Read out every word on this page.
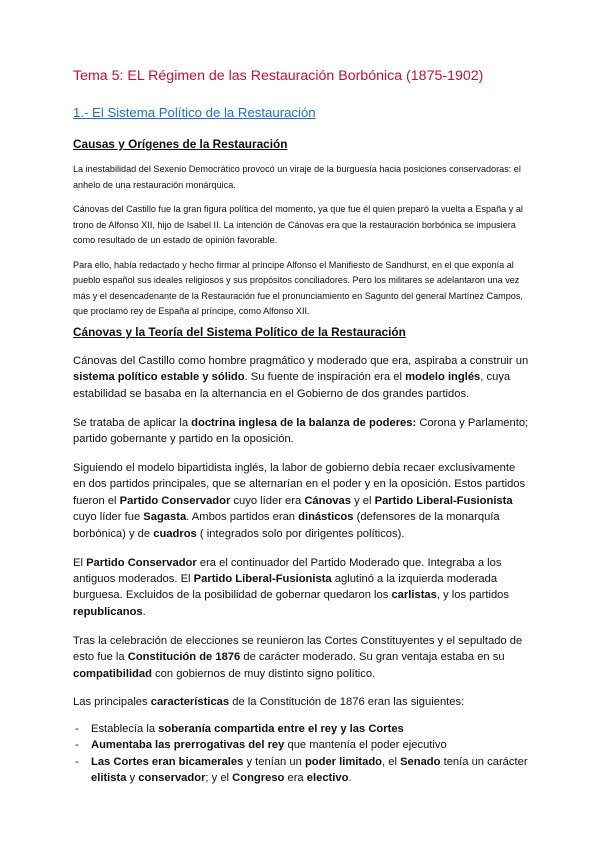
Tema 5: EL Régimen de las Restauración Borbónica (1875-1902)
1.- El Sistema Político de la Restauración
Causas y Orígenes de la Restauración

La inestabilidad del Sexenio Democrático provocó un viraje de la burguesía hacia posiciones conservadoras: el anhelo de una restauración monárquica.

Cánovas del Castillo fue la gran figura política del momento, ya que fue él quien preparó la vuelta a España y al trono de Alfonso XII, hijo de Isabel II. La intención de Cánovas era que la restauración borbónica se impusiera como resultado de un estado de opinión favorable.

Para ello, había redactado y hecho firmar al príncipe Alfonso el Manifiesto de Sandhurst, en el que exponía al pueblo español sus ideales religiosos y sus propósitos conciliadores. Pero los militares se adelantaron una vez más y el desencadenante de la Restauración fue el pronunciamiento en Sagunto del general Martínez Campos, que proclamó rey de España al príncipe, como Alfonso XII.

Cánovas y la Teoría del Sistema Político de la Restauración

Cánovas del Castillo como hombre pragmático y moderado que era, aspiraba a construir un sistema político estable y sólido. Su fuente de inspiración era el modelo inglés, cuya estabilidad se basaba en la alternancia en el Gobierno de dos grandes partidos.

Se trataba de aplicar la doctrina inglesa de la balanza de poderes: Corona y Parlamento; partido gobernante y partido en la oposición.

Siguiendo el modelo bipartidista inglés, la labor de gobierno debía recaer exclusivamente en dos partidos principales, que se alternarían en el poder y en la oposición. Estos partidos fueron el Partido Conservador cuyo líder era Cánovas y el Partido Liberal-Fusionista cuyo líder fue Sagasta. Ambos partidos eran dinásticos (defensores de la monarquía borbónica) y de cuadros ( integrados solo por dirigentes políticos).

El Partido Conservador era el continuador del Partido Moderado que. Integraba a los antiguos moderados. El Partido Liberal-Fusionista aglutinó a la izquierda moderada burguesa. Excluidos de la posibilidad de gobernar quedaron los carlistas, y los partidos republicanos.

Tras la celebración de elecciones se reunieron las Cortes Constituyentes y el sepultado de esto fue la Constitución de 1876 de carácter moderado. Su gran ventaja estaba en su compatibilidad con gobiernos de muy distinto signo político.

Las principales características de la Constitución de 1876 eran las siguientes:

- Establecía la soberanía compartida entre el rey y las Cortes
- Aumentaba las prerrogativas del rey que mantenía el poder ejecutivo
- Las Cortes eran bicamerales y tenían un poder limitado, el Senado tenía un carácter elitista y conservador; y el Congreso era electivo.
